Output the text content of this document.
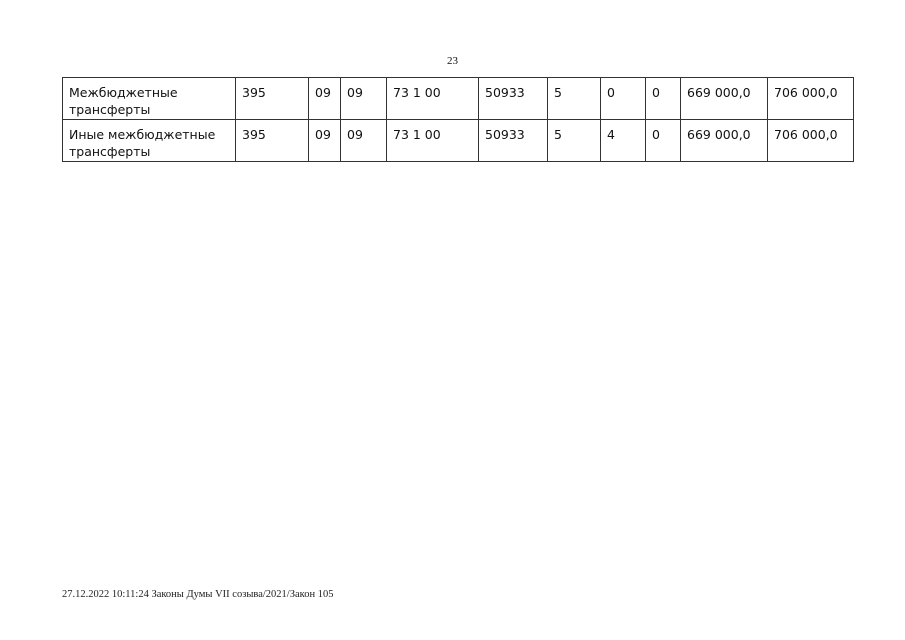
23
Межбюджетные трансферты	395	09	09	73 1 00	50933	5	0	0	669 000,0	706 000,0
Иные межбюджетные трансферты	395	09	09	73 1 00	50933	5	4	0	669 000,0	706 000,0
27.12.2022 10:11:24 Законы Думы VII созыва/2021/Закон 105
